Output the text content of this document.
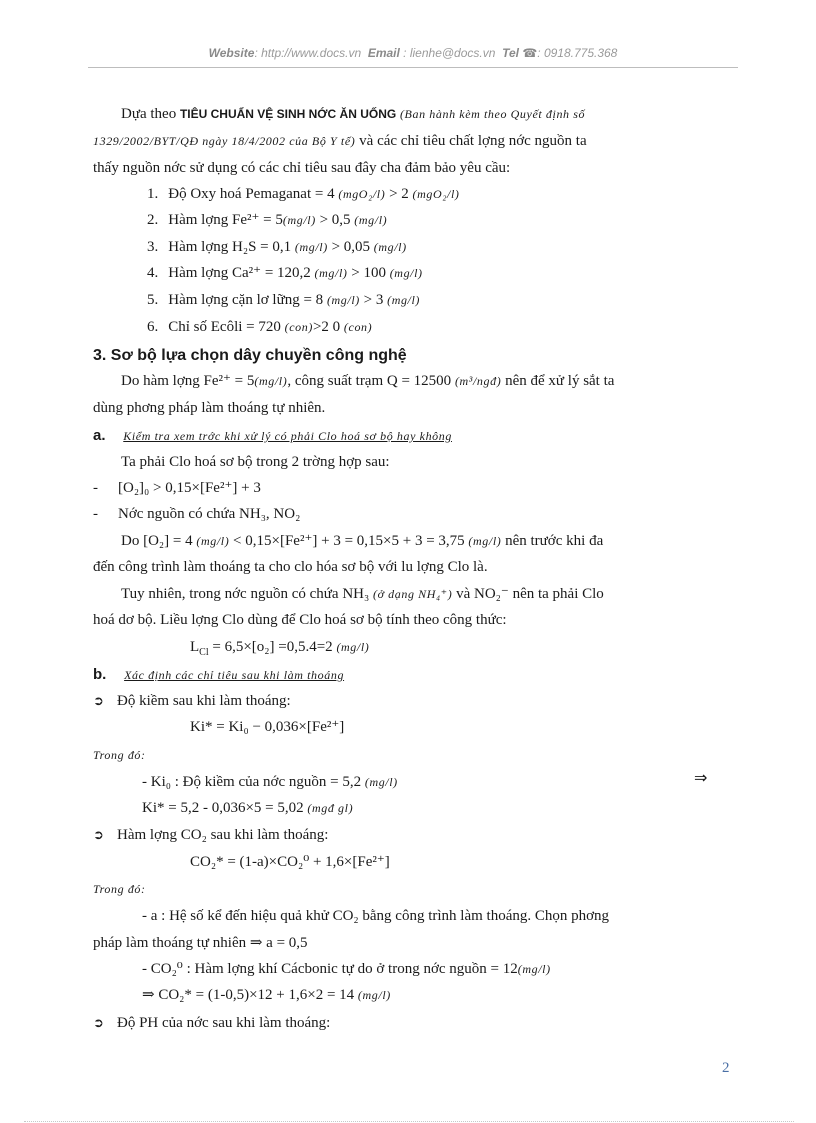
Website: http://www.docs.vn Email : lienhe@docs.vn Tel ☎: 0918.775.368
Dựa theo TIÊU CHUẨN VỆ SINH NỚC ĂN UỐNG (Ban hành kèm theo Quyết định số
1329/2002/BYT/QĐ ngày 18/4/2002 của Bộ Y tế) và các chỉ tiêu chất lợng nớc nguồn ta
thấy nguồn nớc sử dụng có các chỉ tiêu sau đây cha đảm bảo yêu cầu:
1. Độ Oxy hoá Pemaganat = 4 (mgO₂/l) > 2 (mgO₂/l)
2. Hàm lợng Fe²⁺ = 5(mg/l) > 0,5 (mg/l)
3. Hàm lợng H₂S = 0,1 (mg/l) > 0,05 (mg/l)
4. Hàm lợng Ca²⁺ = 120,2 (mg/l) > 100 (mg/l)
5. Hàm lợng cặn lơ lững = 8 (mg/l) > 3 (mg/l)
6. Chỉ số Ecôli = 720 (con)>2 0 (con)
3. Sơ bộ lựa chọn dây chuyền công nghệ
Do hàm lợng Fe²⁺ = 5(mg/l), công suất trạm Q = 12500 (m³/ngđ) nên để xử lý sắt ta
dùng phơng pháp làm thoáng tự nhiên.
a. Kiểm tra xem trớc khi xử lý có phải Clo hoá sơ bộ hay không
Ta phải Clo hoá sơ bộ trong 2 trờng hợp sau:
- [O₂]₀ > 0,15×[Fe²⁺] + 3
- Nớc nguồn có chứa NH₃, NO₂
Do [O₂] = 4 (mg/l) < 0,15×[Fe²⁺] + 3 = 0,15×5 + 3 = 3,75 (mg/l) nên trước khi đa
đến công trình làm thoáng ta cho clo hóa sơ bộ với lu lợng Clo là.
Tuy nhiên, trong nớc nguồn có chứa NH₃ (ở dạng NH₄⁺) và NO₂⁻ nên ta phải Clo
hoá dơ bộ. Liều lợng Clo dùng để Clo hoá sơ bộ tính theo công thức:
$L_{Cl} = 6,5\times[o_2] =0,5.4=2$ (mg/l)
b. Xác định các chỉ tiêu sau khi làm thoáng
➲ Độ kiềm sau khi làm thoáng:
Ki* = Ki₀ − 0,036×[Fe²⁺]
Trong đó:
- Ki₀ : Độ kiềm của nớc nguồn = 5,2 (mg/l)	⇒
Ki* = 5,2 - 0,036×5 = 5,02 (mgđ gl)
➲ Hàm lợng CO₂ sau khi làm thoáng:
CO₂* = (1-a)×CO₂⁰ + 1,6×[Fe²⁺]
Trong đó:
- a : Hệ số kể đến hiệu quả khử CO₂ bằng công trình làm thoáng. Chọn phơng
pháp làm thoáng tự nhiên ⇒ a = 0,5
- CO₂⁰ : Hàm lợng khí Cácbonic tự do ở trong nớc nguồn = 12(mg/l)
⇒ CO₂* = (1-0,5)×12 + 1,6×2 = 14 (mg/l)
➲ Độ PH của nớc sau khi làm thoáng:
2
